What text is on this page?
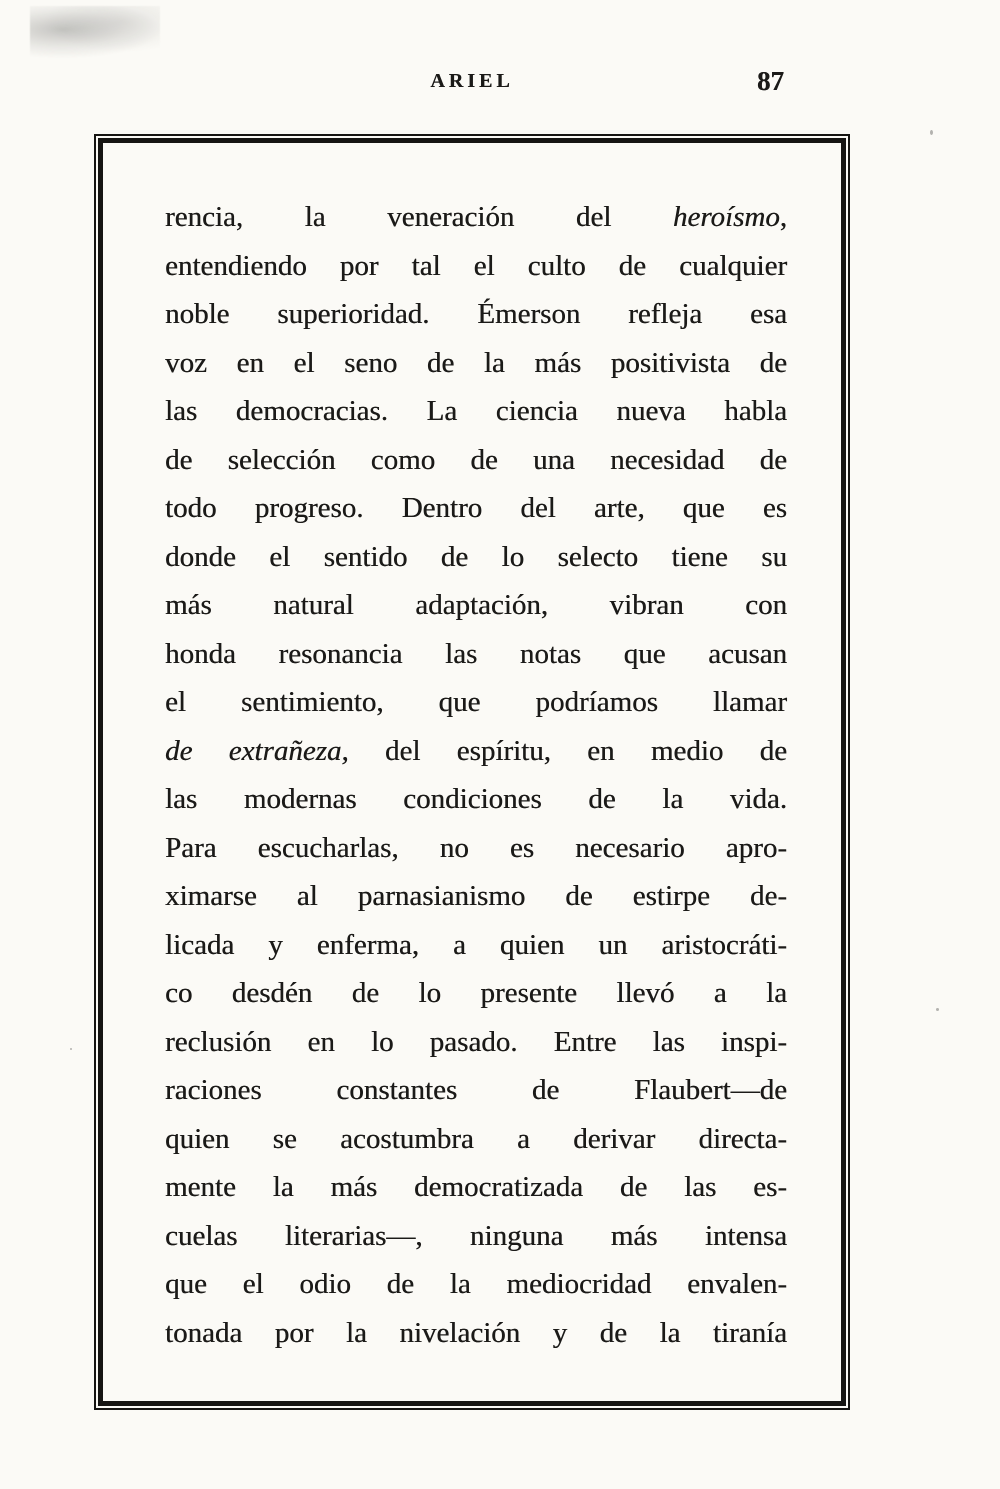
ARIEL	87
rencia, la veneración del heroísmo,
entendiendo por tal el culto de cualquier
noble superioridad. Émerson refleja esa
voz en el seno de la más positivista de
las democracias. La ciencia nueva habla
de selección como de una necesidad de
todo progreso. Dentro del arte, que es
donde el sentido de lo selecto tiene su
más natural adaptación, vibran con
honda resonancia las notas que acusan
el sentimiento, que podríamos llamar
de extrañeza, del espíritu, en medio de
las modernas condiciones de la vida.
Para escucharlas, no es necesario apro-
ximarse al parnasianismo de estirpe de-
licada y enferma, a quien un aristocráti-
co desdén de lo presente llevó a la
reclusión en lo pasado. Entre las inspi-
raciones constantes de Flaubert—de
quien se acostumbra a derivar directa-
mente la más democratizada de las es-
cuelas literarias—, ninguna más intensa
que el odio de la mediocridad envalen-
tonada por la nivelación y de la tiranía
